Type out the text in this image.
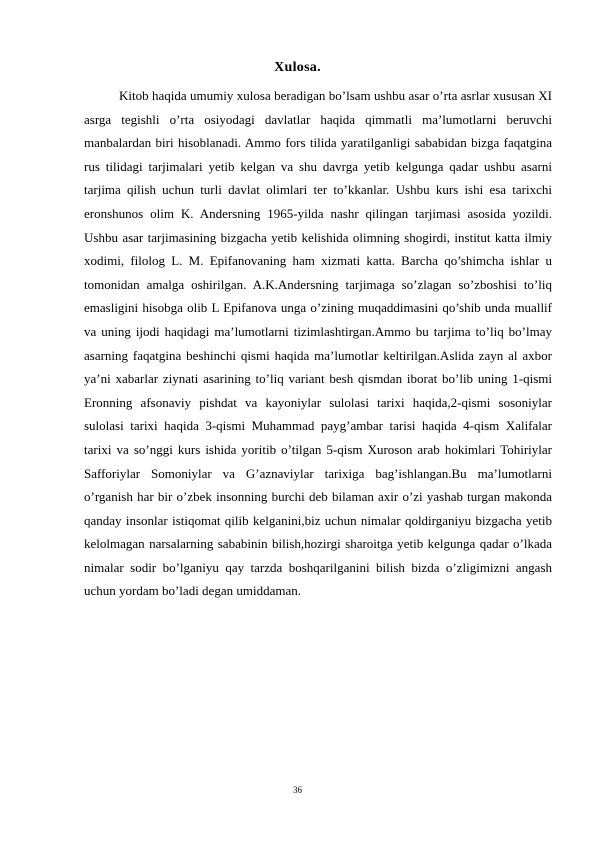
Xulosa.

Kitob haqida umumiy xulosa beradigan bo’lsam ushbu asar o’rta asrlar xususan XI asrga tegishli o’rta osiyodagi davlatlar haqida qimmatli ma’lumotlarni beruvchi manbalardan biri hisoblanadi. Ammo fors tilida yaratilganligi sababidan bizga faqatgina rus tilidagi tarjimalari yetib kelgan va shu davrga yetib kelgunga qadar ushbu asarni tarjima qilish uchun turli davlat olimlari ter to’kkanlar. Ushbu kurs ishi esa tarixchi eronshunos olim K. Andersning 1965-yilda nashr qilingan tarjimasi asosida yozildi. Ushbu asar tarjimasining bizgacha yetib kelishida olimning shogirdi, institut katta ilmiy xodimi, filolog L. M. Epifanovaning ham xizmati katta. Barcha qo’shimcha ishlar u tomonidan amalga oshirilgan. A.K.Andersning tarjimaga so’zlagan so’zboshisi to’liq emasligini hisobga olib L Epifanova unga o’zining muqaddimasini qo’shib unda muallif va uning ijodi haqidagi ma’lumotlarni tizimlashtirgan.Ammo bu tarjima to’liq bo’lmay asarning faqatgina beshinchi qismi haqida ma’lumotlar keltirilgan.Aslida zayn al axbor ya’ni xabarlar ziynati asarining to’liq variant besh qismdan iborat bo’lib uning 1-qismi Eronning afsonaviy pishdat va kayoniylar sulolasi tarixi haqida,2-qismi sosoniylar sulolasi tarixi haqida 3-qismi Muhammad payg’ambar tarisi haqida 4-qism Xalifalar tarixi va so’nggi kurs ishida yoritib o’tilgan 5-qism Xuroson arab hokimlari Tohiriylar Safforiylar Somoniylar va G’aznaviylar tarixiga bag’ishlangan.Bu ma’lumotlarni o’rganish har bir o’zbek insonning burchi deb bilaman axir o’zi yashab turgan makonda qanday insonlar istiqomat qilib kelganini,biz uchun nimalar qoldirganiyu bizgacha yetib kelolmagan narsalarning sababinin bilish,hozirgi sharoitga yetib kelgunga qadar o’lkada nimalar sodir bo’lganiyu qay tarzda boshqarilganini bilish bizda o’zligimizni angash uchun yordam bo’ladi degan umiddaman.

36
